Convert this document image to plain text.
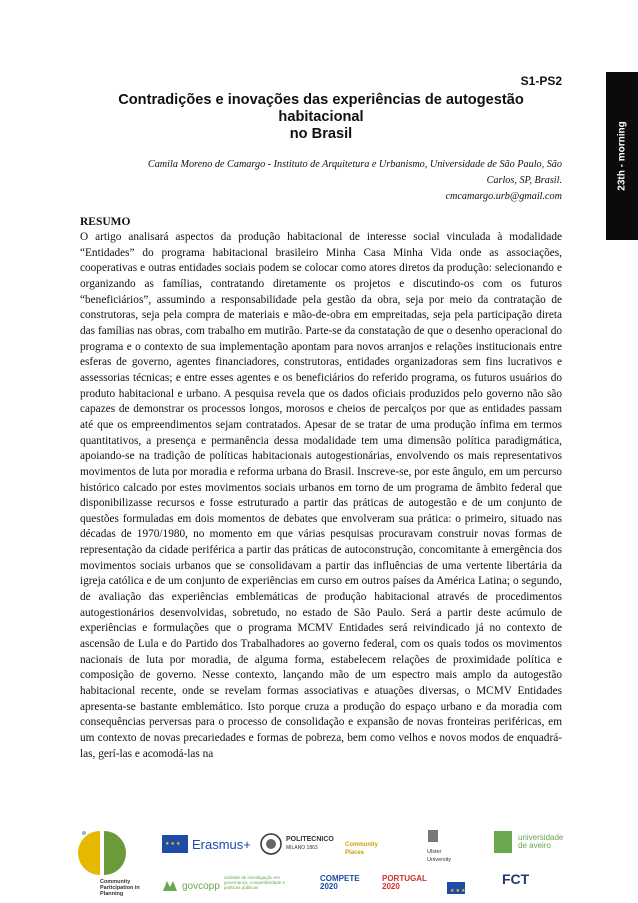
23th - morning

S1-PS2

Contradições e inovações das experiências de autogestão habitacional
no Brasil

Camila Moreno de Camargo - Instituto de Arquitetura e Urbanismo, Universidade de São Paulo, São

Carlos, SP, Brasil.

cmcamargo.urb@gmail.com

RESUMO

O artigo analisará aspectos da produção habitacional de interesse social vinculada à modalidade “Entidades” do programa habitacional brasileiro Minha Casa Minha Vida onde as associações, cooperativas e outras entidades sociais podem se colocar como atores diretos da produção: selecionando e organizando as famílias, contratando diretamente os projetos e discutindo-os com os futuros “beneficiários”, assumindo a responsabilidade pela gestão da obra, seja por meio da contratação de construtoras, seja pela compra de materiais e mão-de-obra em empreitadas, seja pela participação direta das famílias nas obras, com trabalho em mutirão. Parte-se da constatação de que o desenho operacional do programa e o contexto de sua implementação apontam para novos arranjos e relações institucionais entre esferas de governo, agentes financiadores, construtoras, entidades organizadoras sem fins lucrativos e assessorias técnicas; e entre esses agentes e os beneficiários do referido programa, os futuros usuários do produto habitacional e urbano. A pesquisa revela que os dados oficiais produzidos pelo governo não são capazes de demonstrar os processos longos, morosos e cheios de percalços por que as entidades passam até que os empreendimentos sejam contratados. Apesar de se tratar de uma produção ínfima em termos quantitativos, a presença e permanência dessa modalidade tem uma dimensão política paradigmática, apoiando-se na tradição de políticas habitacionais autogestionárias, envolvendo os mais representativos movimentos de luta por moradia e reforma urbana do Brasil. Inscreve-se, por este ângulo, em um percurso histórico calcado por estes movimentos sociais urbanos em torno de um programa de âmbito federal que disponibilizasse recursos e fosse estruturado a partir das práticas de autogestão e de um conjunto de questões formuladas em dois momentos de debates que envolveram sua prática: o primeiro, situado nas décadas de 1970/1980, no momento em que várias pesquisas procuravam construir novas formas de representação da cidade periférica a partir das práticas de autoconstrução, concomitante à emergência dos movimentos sociais urbanos que se consolidavam a partir das influências de uma vertente libertária da igreja católica e de um conjunto de experiências em curso em outros países da América Latina; o segundo, de avaliação das experiências emblemáticas de produção habitacional através de procedimentos autogestionários desenvolvidas, sobretudo, no estado de São Paulo. Será a partir deste acúmulo de experiências e formulações que o programa MCMV Entidades será reivindicado já no contexto de ascensão de Lula e do Partido dos Trabalhadores ao governo federal, com os quais todos os movimentos nacionais de luta por moradia, de alguma forma, estabelecem relações de proximidade política e composição de governo. Nesse contexto, lançando mão de um espectro mais amplo da autogestão habitacional recente, onde se revelam formas associativas e atuações diversas, o MCMV Entidades apresenta-se bastante emblemático. Isto porque cruza a produção do espaço urbano e da moradia com consequências perversas para o processo de consolidação e expansão de novas fronteiras periféricas, em um contexto de novas precariedades e formas de pobreza, bem como velhos e novos modos de enquadrá-las, gerí-las e acomodá-las na

Community Participation in Planning
★★★ Erasmus+
	POLITECNICO
MILANO 1863	Community Places	Ulster University
universidade de aveiro
govcopp
unidade de investigação em governança, competitividade e políticas públicas
COMPETE 2020
PORTUGAL 2020
★★★	FCT
